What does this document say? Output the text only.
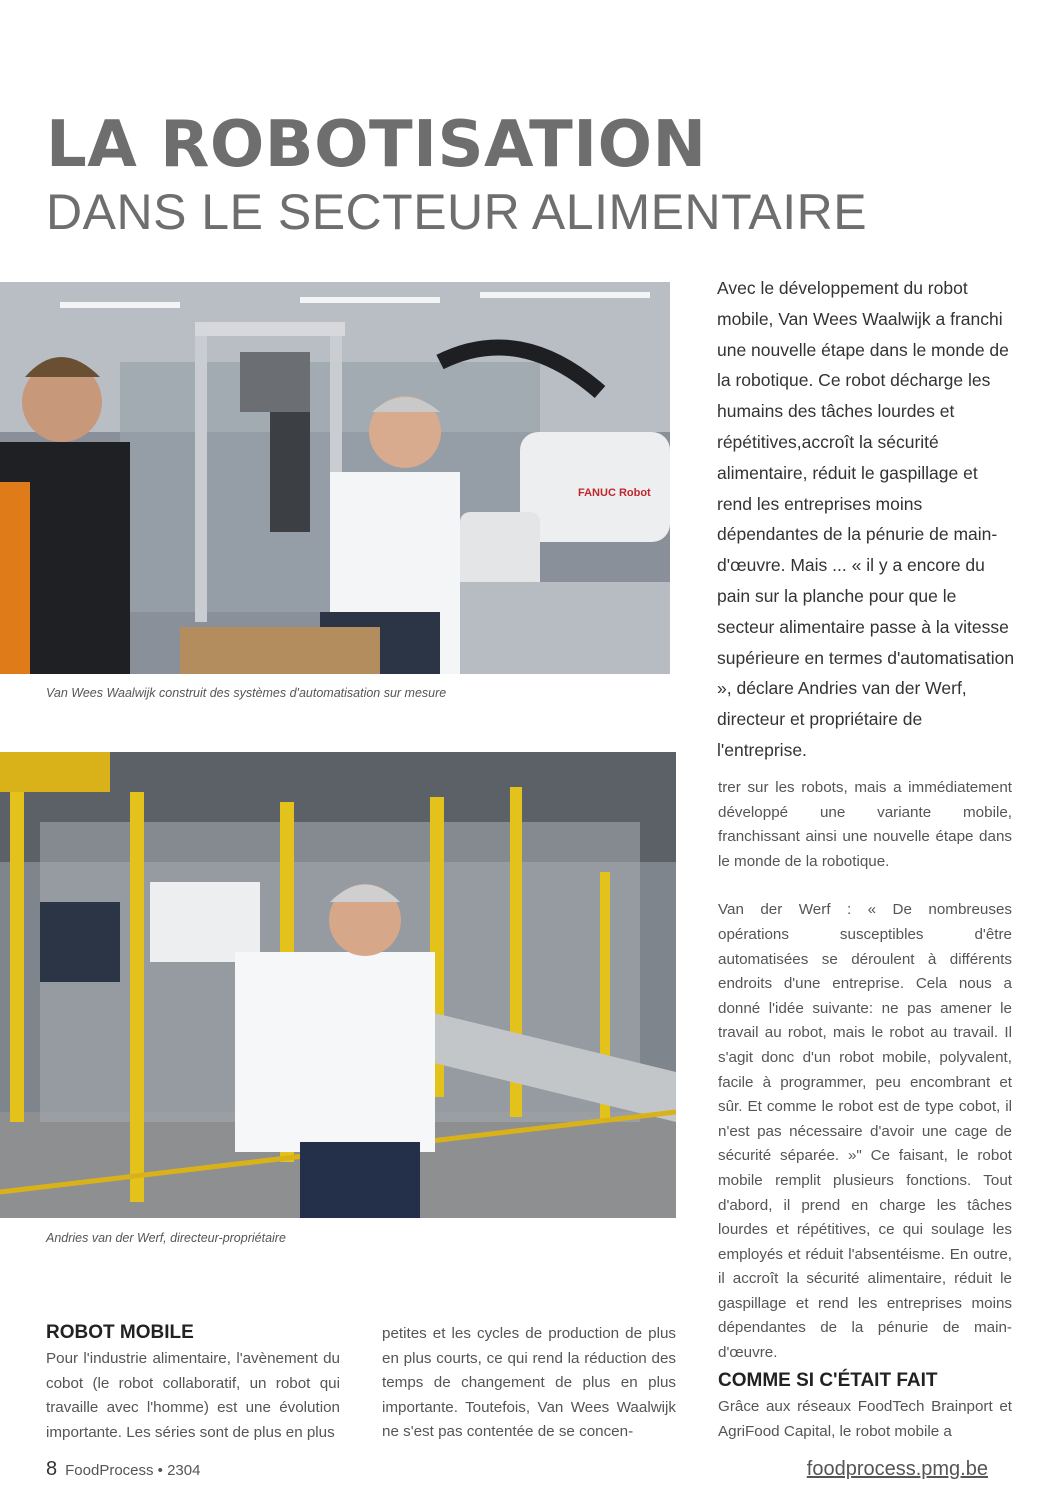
LA ROBOTISATION
DANS LE SECTEUR ALIMENTAIRE
FANUC Robot
Van Wees Waalwijk construit des systèmes d'automatisation sur mesure
Andries van der Werf, directeur-propriétaire

Avec le développement du robot mobile, Van Wees Waalwijk a franchi une nouvelle étape dans le monde de la robotique. Ce robot décharge les humains des tâches lourdes et répétitives,accroît la sécurité alimentaire, réduit le gaspillage et rend les entreprises moins dépendantes de la pénurie de main-d'œuvre. Mais ... « il y a encore du pain sur la planche pour que le secteur alimentaire passe à la vitesse supérieure en termes d'automatisation », déclare Andries van der Werf, directeur et propriétaire de l'entreprise.

ROBOT MOBILE

Pour l'industrie alimentaire, l'avènement du cobot (le robot collaboratif, un robot qui travaille avec l'homme) est une évolution importante. Les séries sont de plus en plus

petites et les cycles de production de plus en plus courts, ce qui rend la réduction des temps de changement de plus en plus importante. Toutefois, Van Wees Waalwijk ne s'est pas contentée de se concen-

trer sur les robots, mais a immédiatement développé une variante mobile, franchissant ainsi une nouvelle étape dans le monde de la robotique.

Van der Werf : « De nombreuses opérations susceptibles d'être automatisées se déroulent à différents endroits d'une entreprise. Cela nous a donné l'idée suivante: ne pas amener le travail au robot, mais le robot au travail. Il s'agit donc d'un robot mobile, polyvalent, facile à programmer, peu encombrant et sûr. Et comme le robot est de type cobot, il n'est pas nécessaire d'avoir une cage de sécurité séparée. »" Ce faisant, le robot mobile remplit plusieurs fonctions. Tout d'abord, il prend en charge les tâches lourdes et répétitives, ce qui soulage les employés et réduit l'absentéisme. En outre, il accroît la sécurité alimentaire, réduit le gaspillage et rend les entreprises moins dépendantes de la pénurie de main-d'œuvre.

COMME SI C'ÉTAIT FAIT

Grâce aux réseaux FoodTech Brainport et AgriFood Capital, le robot mobile a

8 FoodProcess • 2304	foodprocess.pmg.be
